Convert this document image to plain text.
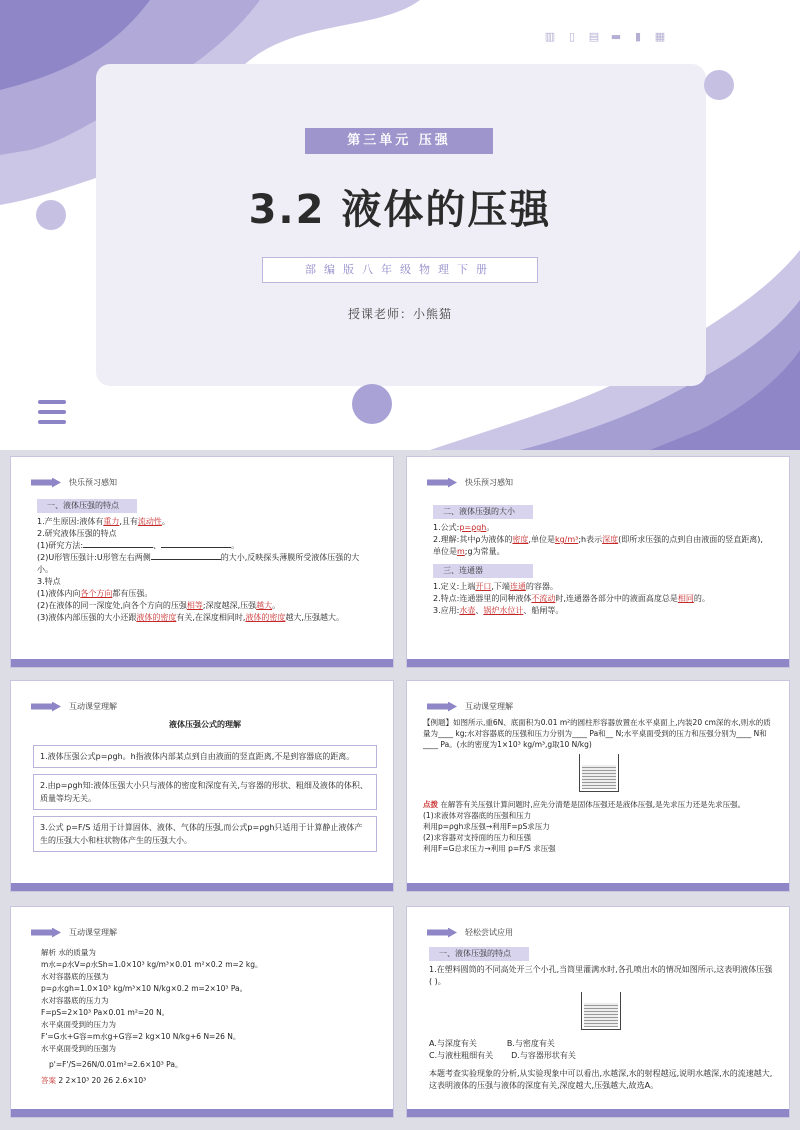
▥ ▯ ▤ ▬ ▮ ▦
第三单元 压强
3.2 液体的压强
部编版八年级物理下册
授课老师：小熊猫
快乐预习感知
一、液体压强的特点
1.产生原因:液体有重力,且有流动性。
2.研究液体压强的特点
(1)研究方法:	、	。
(2)U形管压强计:U形管左右两侧	的大小,反映探头薄膜所受液体压强的大小。
3.特点
(1)液体内向各个方向都有压强。
(2)在液体的同一深度处,向各个方向的压强相等;深度越深,压强越大。
(3)液体内部压强的大小还跟液体的密度有关,在深度相同时,液体的密度越大,压强越大。
快乐预习感知
二、液体压强的大小
1.公式:p=ρgh。
2.理解:其中ρ为液体的密度,单位是kg/m³;h表示深度(即所求压强的点到自由液面的竖直距离),单位是m;g为常量。
三、连通器
1.定义:上端开口,下端连通的容器。
2.特点:连通器里的同种液体不流动时,连通器各部分中的液面高度总是相同的。
3.应用:水壶、锅炉水位计、船闸等。
互动课堂理解
液体压强公式的理解
1.液体压强公式p=ρgh。h指液体内部某点到自由液面的竖直距离,不是到容器底的距离。
2.由p=ρgh知:液体压强大小只与液体的密度和深度有关,与容器的形状、粗细及液体的体积、质量等均无关。
3.公式 p=F/S 适用于计算固体、液体、气体的压强,而公式p=ρgh只适用于计算静止液体产生的压强大小和柱状物体产生的压强大小。
互动课堂理解
【例题】如图所示,重6N、底面积为0.01 m²的圆柱形容器放置在水平桌面上,内装20 cm深的水,则水的质量为____ kg;水对容器底的压强和压力分别为____ Pa和__ N;水平桌面受到的压力和压强分别为____ N和____ Pa。(水的密度为1×10³ kg/m³,g取10 N/kg)
点拨 在解答有关压强计算问题时,应先分清楚是固体压强还是液体压强,是先求压力还是先求压强。
(1)求液体对容器底的压强和压力
利用p=ρgh求压强→利用F=pS求压力
(2)求容器对支持面的压力和压强
利用F=G总求压力→利用 p=F/S 求压强
互动课堂理解
解析 水的质量为
m水=ρ水V=ρ水Sh=1.0×10³ kg/m³×0.01 m²×0.2 m=2 kg。
水对容器底的压强为
p=ρ水gh=1.0×10³ kg/m³×10 N/kg×0.2 m=2×10³ Pa。
水对容器底的压力为
F=pS=2×10³ Pa×0.01 m²=20 N。
水平桌面受到的压力为
F'=G水+G容=m水g+G容=2 kg×10 N/kg+6 N=26 N。
水平桌面受到的压强为
p'=F'/S=26N/0.01m²=2.6×10³ Pa。
答案 2 2×10³ 20 26 2.6×10³
轻松尝试应用
一、液体压强的特点
1.在塑料圆筒的不同高处开三个小孔,当筒里灌满水时,各孔喷出水的情况如图所示,这表明液体压强( )。
A.与深度有关	B.与密度有关
C.与液柱粗细有关 D.与容器形状有关
本题考查实验现象的分析,从实验现象中可以看出,水越深,水的射程越远,说明水越深,水的流速越大,这表明液体的压强与液体的深度有关,深度越大,压强越大,故选A。
